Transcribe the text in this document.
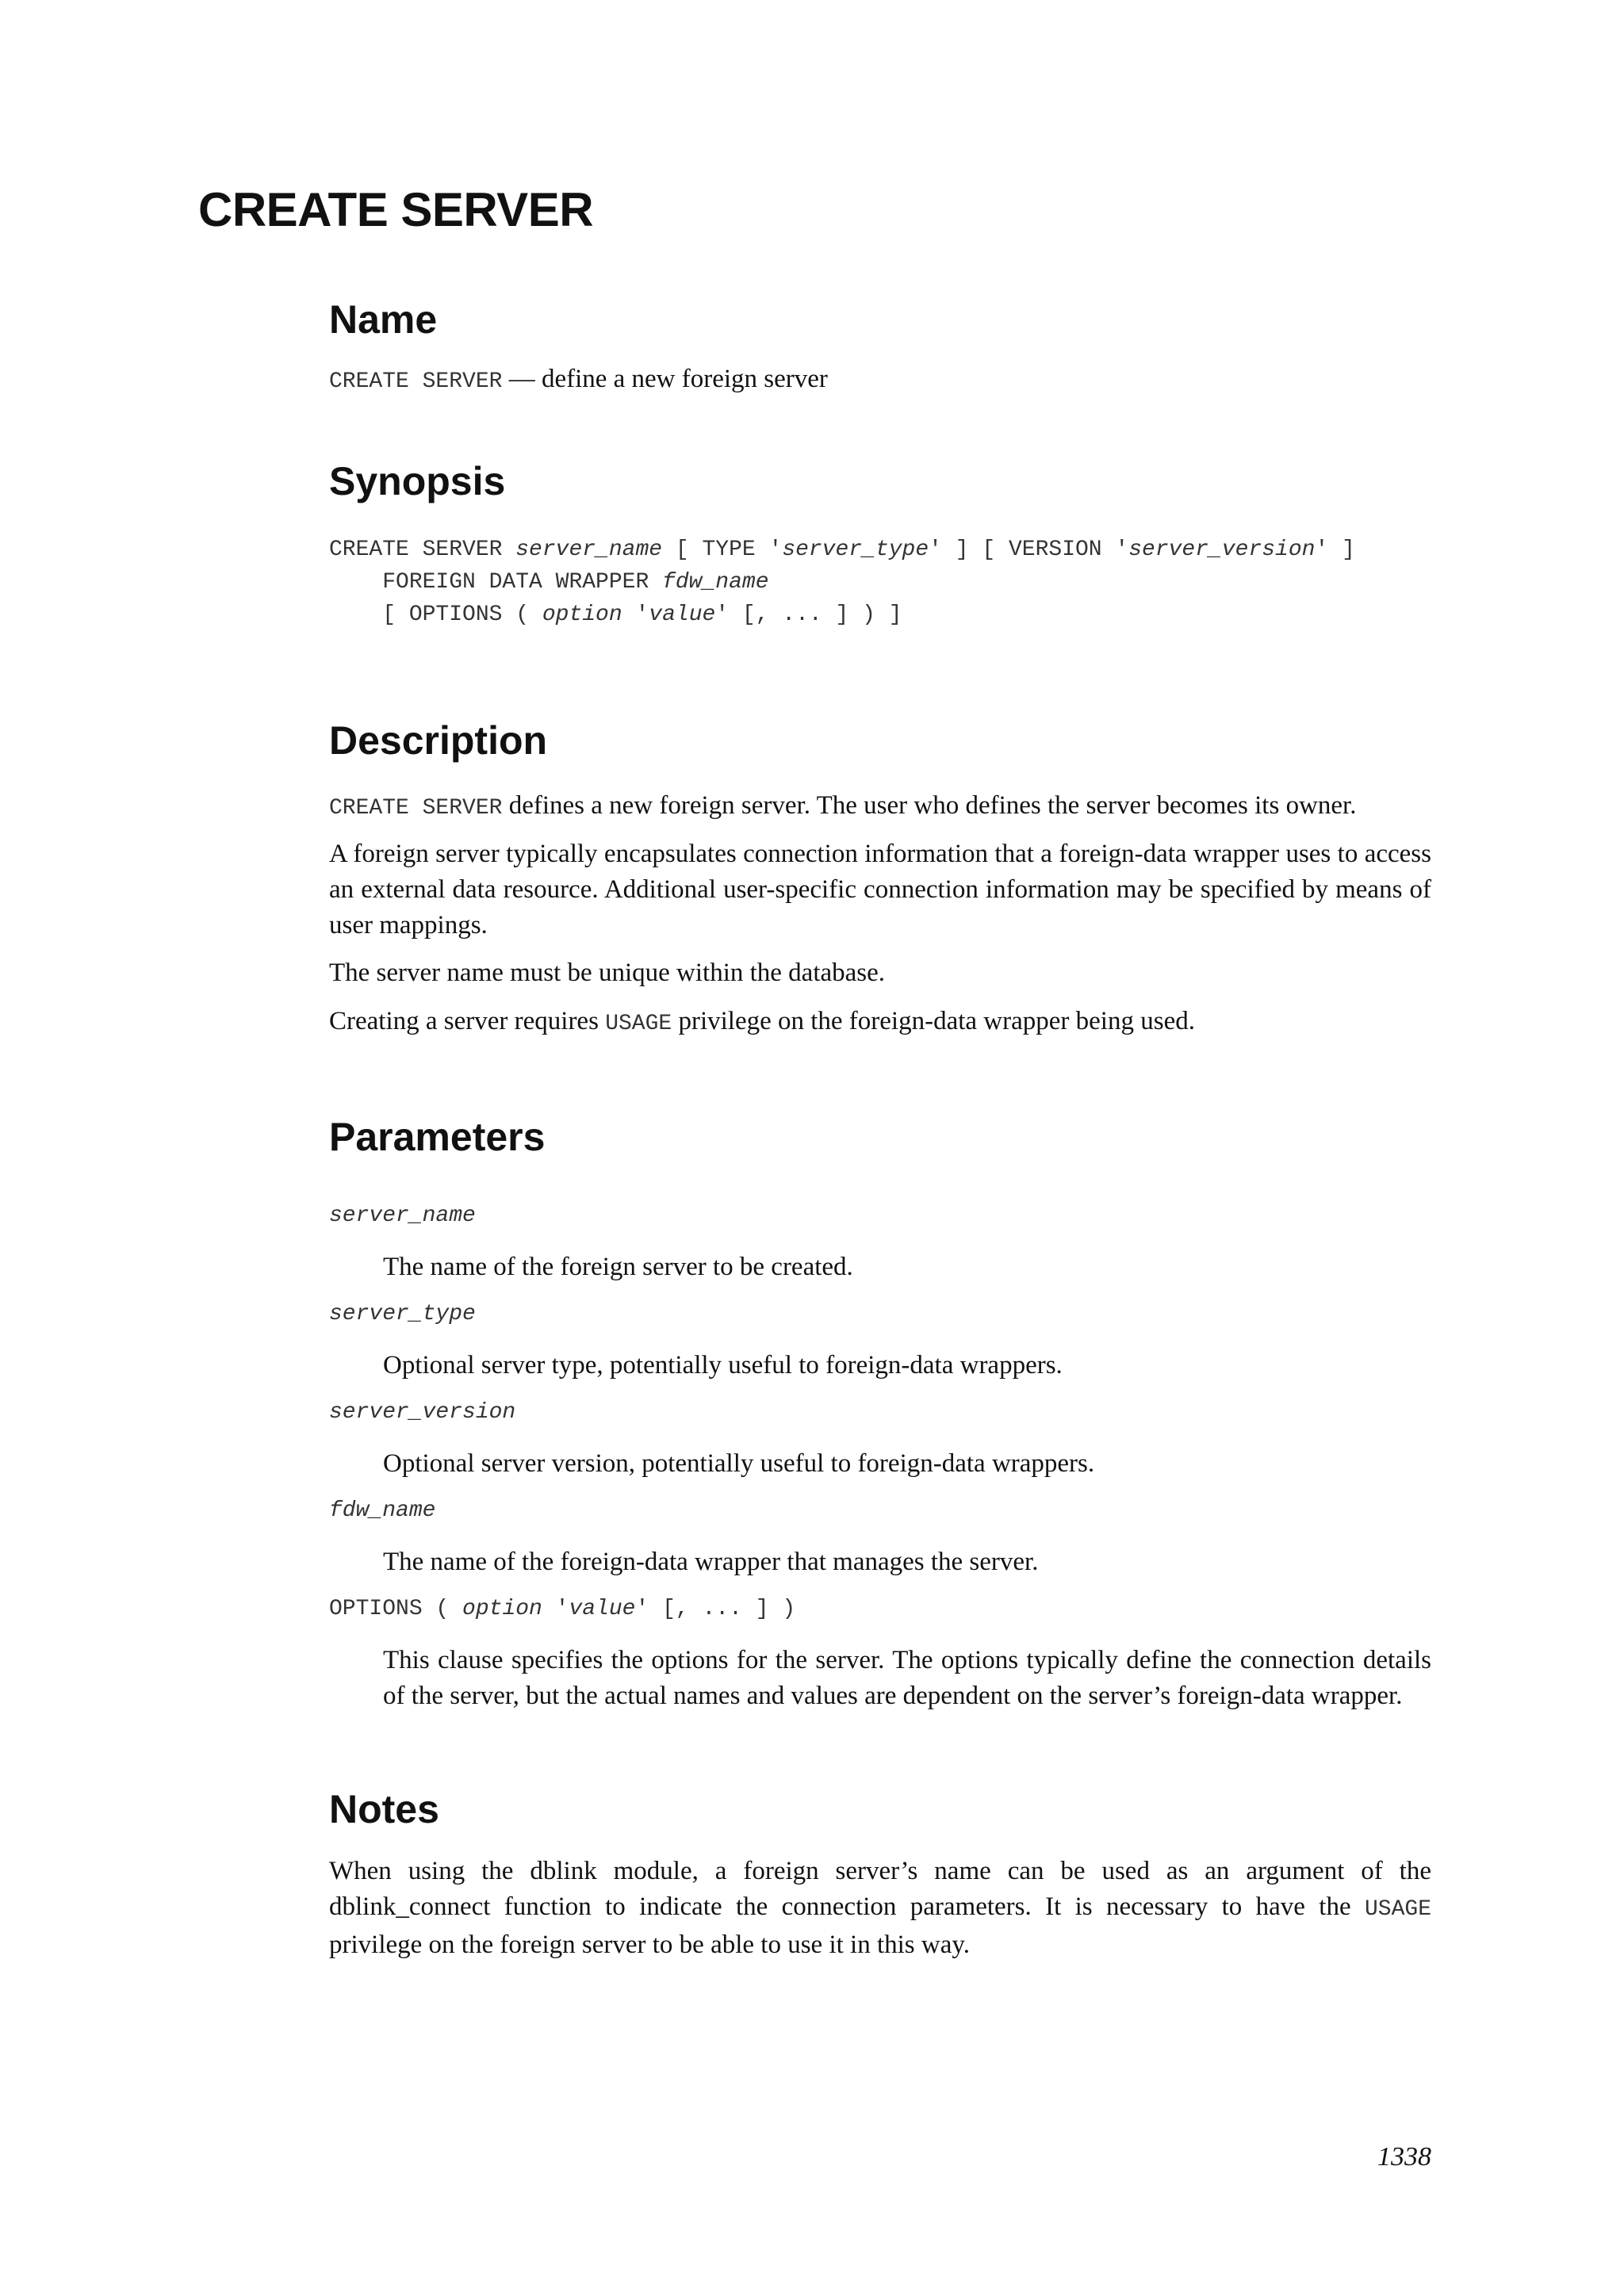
CREATE SERVER
Name
CREATE SERVER — define a new foreign server
Synopsis
CREATE SERVER server_name [ TYPE 'server_type' ] [ VERSION 'server_version' ]
FOREIGN DATA WRAPPER fdw_name
[ OPTIONS ( option 'value' [, ... ] ) ]
Description
CREATE SERVER defines a new foreign server. The user who defines the server becomes its owner.
A foreign server typically encapsulates connection information that a foreign-data wrapper uses to access an external data resource. Additional user-specific connection information may be specified by means of user mappings.
The server name must be unique within the database.
Creating a server requires USAGE privilege on the foreign-data wrapper being used.
Parameters
server_name
The name of the foreign server to be created.
server_type
Optional server type, potentially useful to foreign-data wrappers.
server_version
Optional server version, potentially useful to foreign-data wrappers.
fdw_name
The name of the foreign-data wrapper that manages the server.
OPTIONS ( option 'value' [, ... ] )
This clause specifies the options for the server. The options typically define the connection details of the server, but the actual names and values are dependent on the server’s foreign-data wrapper.
Notes
When using the dblink module, a foreign server’s name can be used as an argument of the dblink_connect function to indicate the connection parameters. It is necessary to have the USAGE privilege on the foreign server to be able to use it in this way.
1338
